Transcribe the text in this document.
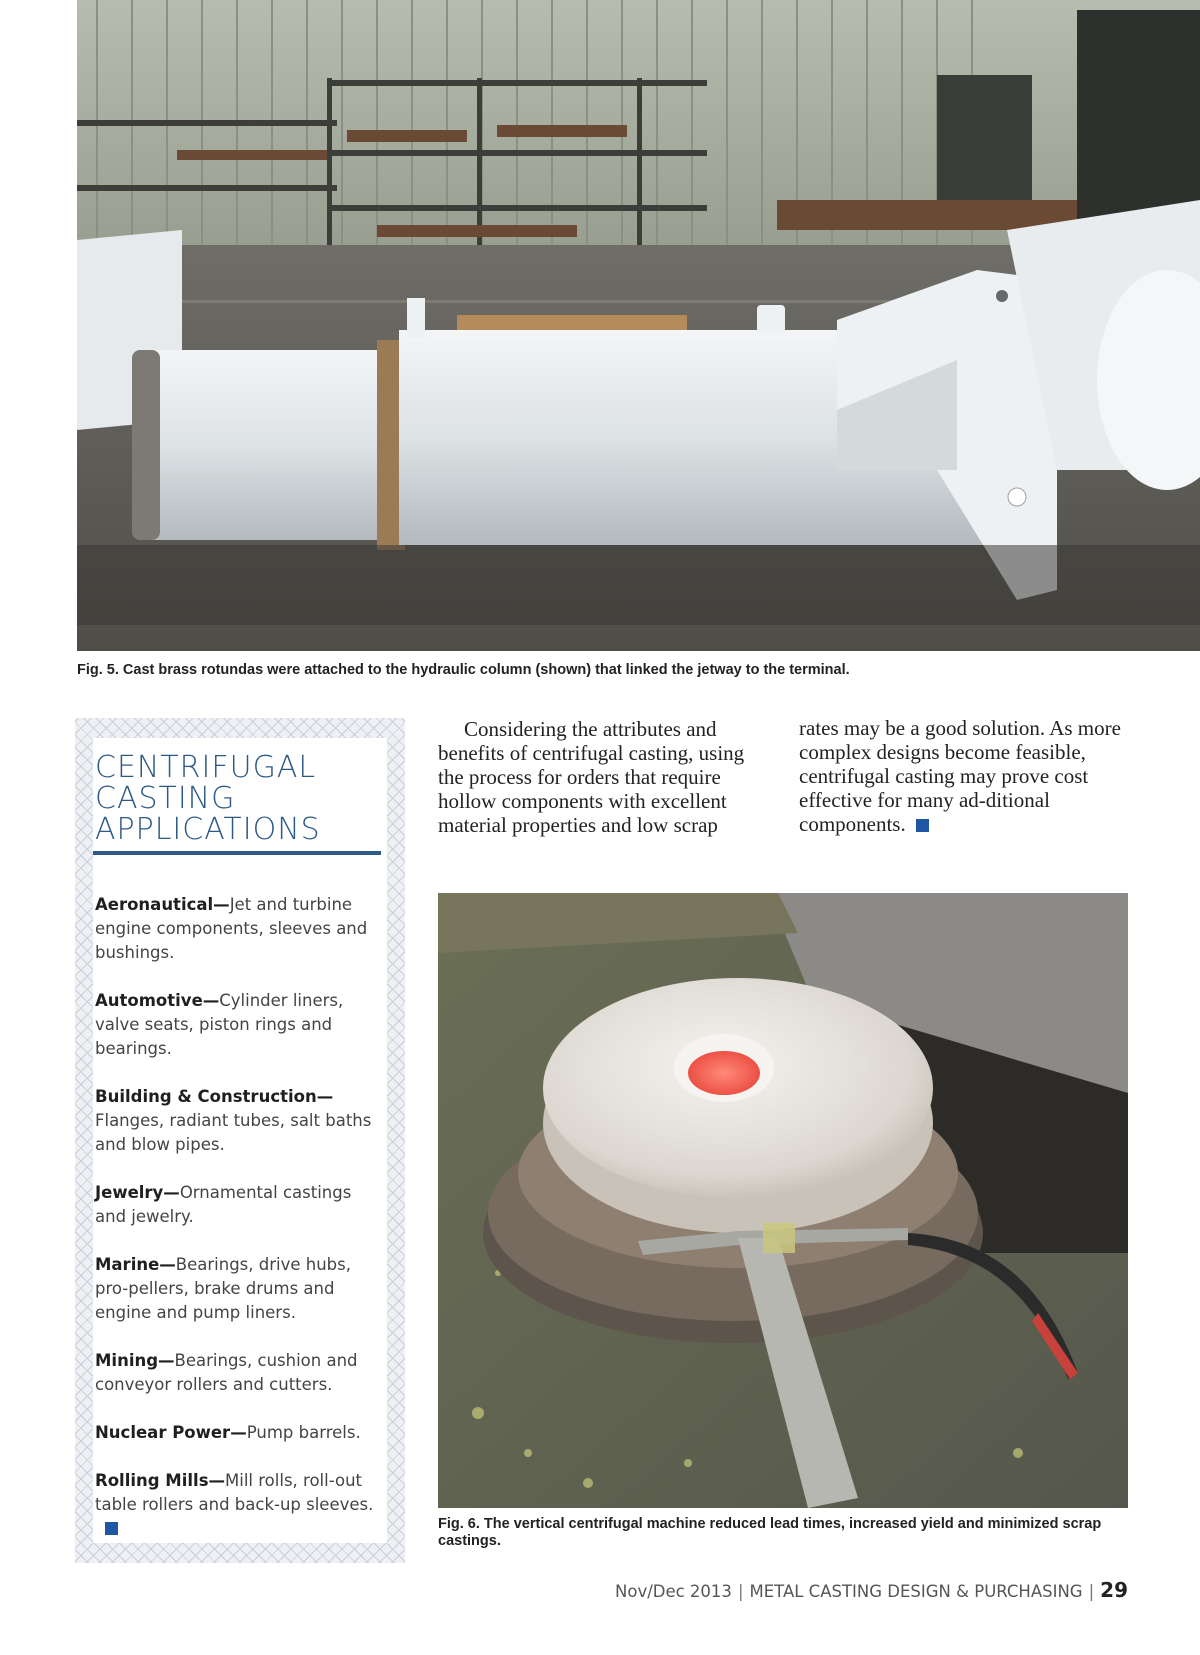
Fig. 5. Cast brass rotundas were attached to the hydraulic column (shown) that linked the jetway to the terminal.
CENTRIFUGAL
CASTING
APPLICATIONS

Aeronautical—Jet and turbine engine components, sleeves and bushings.

Automotive—Cylinder liners, valve seats, piston rings and bearings.

Building & Construction—Flanges, radiant tubes, salt baths and blow pipes.

Jewelry—Ornamental castings and jewelry.

Marine—Bearings, drive hubs, pro-pellers, brake drums and engine and pump liners.

Mining—Bearings, cushion and conveyor rollers and cutters.

Nuclear Power—Pump barrels.

Rolling Mills—Mill rolls, roll-out table rollers and back-up sleeves.

Considering the attributes and benefits of centrifugal casting, using the process for orders that require hollow components with excellent material properties and low scrap

rates may be a good solution. As more complex designs become feasible, centrifugal casting may prove cost effective for many ad-ditional components.

Fig. 6. The vertical centrifugal machine reduced lead times, increased yield and minimized scrap castings.
Nov/Dec 2013 | METAL CASTING DESIGN & PURCHASING | 29
